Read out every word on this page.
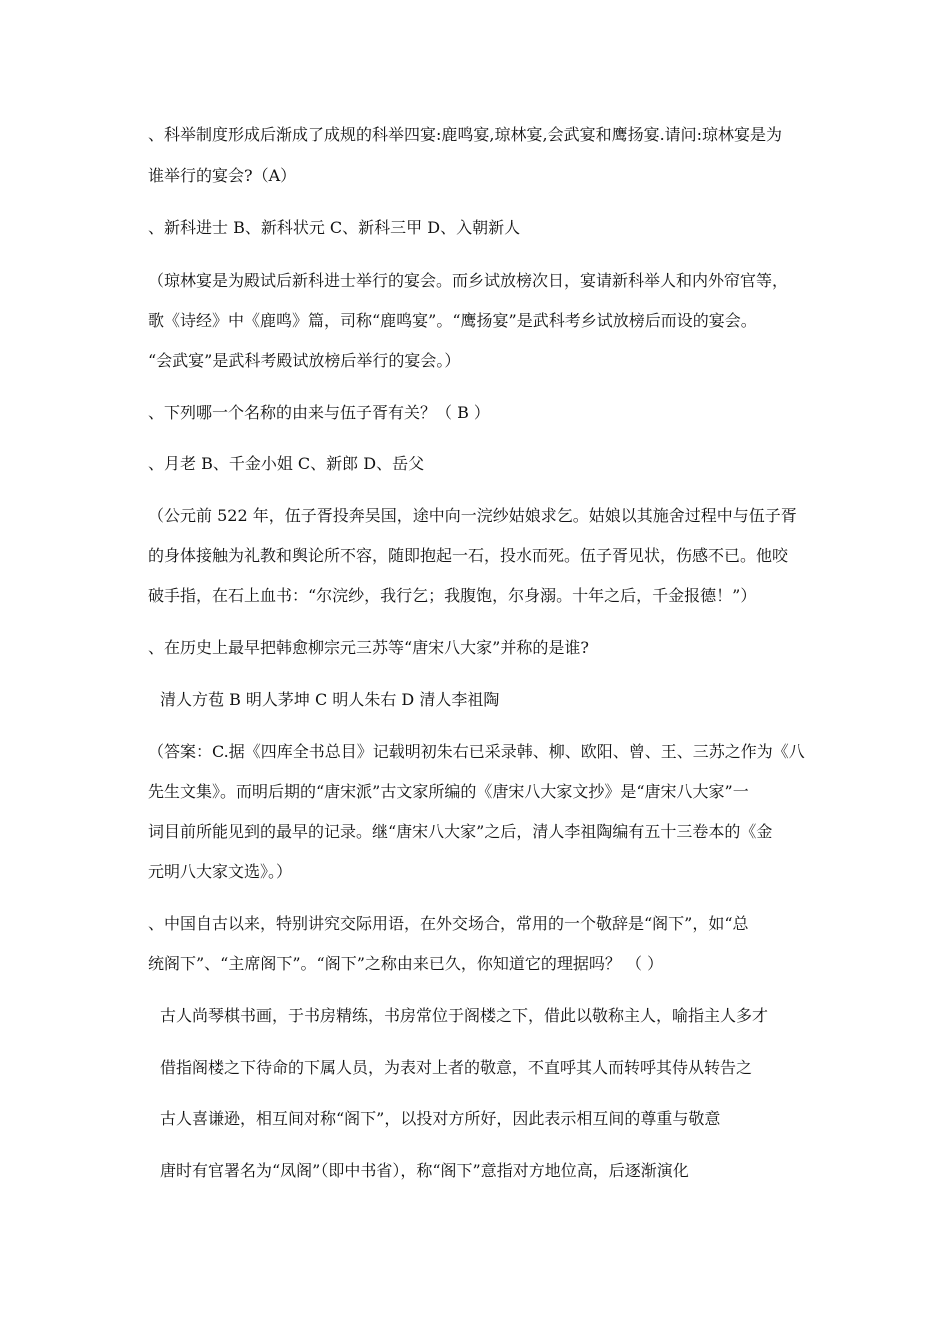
、科举制度形成后渐成了成规的科举四宴:鹿鸣宴,琼林宴,会武宴和鹰扬宴.请问:琼林宴是为
谁举行的宴会?（A）
、新科进士 B、新科状元 C、新科三甲 D、入朝新人
（琼林宴是为殿试后新科进士举行的宴会。而乡试放榜次日，宴请新科举人和内外帘官等，
歌《诗经》中《鹿鸣》篇，司称“鹿鸣宴”。“鹰扬宴”是武科考乡试放榜后而设的宴会。
“会武宴”是武科考殿试放榜后举行的宴会。）
、下列哪一个名称的由来与伍子胥有关？（ B ）
、月老 B、千金小姐 C、新郎 D、岳父
（公元前 522 年，伍子胥投奔吴国，途中向一浣纱姑娘求乞。姑娘以其施舍过程中与伍子胥
的身体接触为礼教和舆论所不容，随即抱起一石，投水而死。伍子胥见状，伤感不已。他咬
破手指，在石上血书：“尔浣纱，我行乞；我腹饱，尔身溺。十年之后，千金报德！”）
、在历史上最早把韩愈柳宗元三苏等“唐宋八大家”并称的是谁?
清人方苞 B 明人茅坤 C 明人朱右 D 清人李祖陶
（答案：C.据《四库全书总目》记载明初朱右已采录韩、柳、欧阳、曾、王、三苏之作为《八
先生文集》。而明后期的“唐宋派”古文家所编的《唐宋八大家文抄》是“唐宋八大家”一
词目前所能见到的最早的记录。继“唐宋八大家”之后，清人李祖陶编有五十三卷本的《金
元明八大家文选》。）
、中国自古以来，特别讲究交际用语，在外交场合，常用的一个敬辞是“阁下”，如“总
统阁下”、“主席阁下”。“阁下”之称由来已久，你知道它的理据吗？ （ ）
古人尚琴棋书画，于书房精练，书房常位于阁楼之下，借此以敬称主人，喻指主人多才
借指阁楼之下待命的下属人员，为表对上者的敬意，不直呼其人而转呼其侍从转告之
古人喜谦逊，相互间对称“阁下”，以投对方所好，因此表示相互间的尊重与敬意
唐时有官署名为“凤阁”（即中书省），称“阁下”意指对方地位高，后逐渐演化
